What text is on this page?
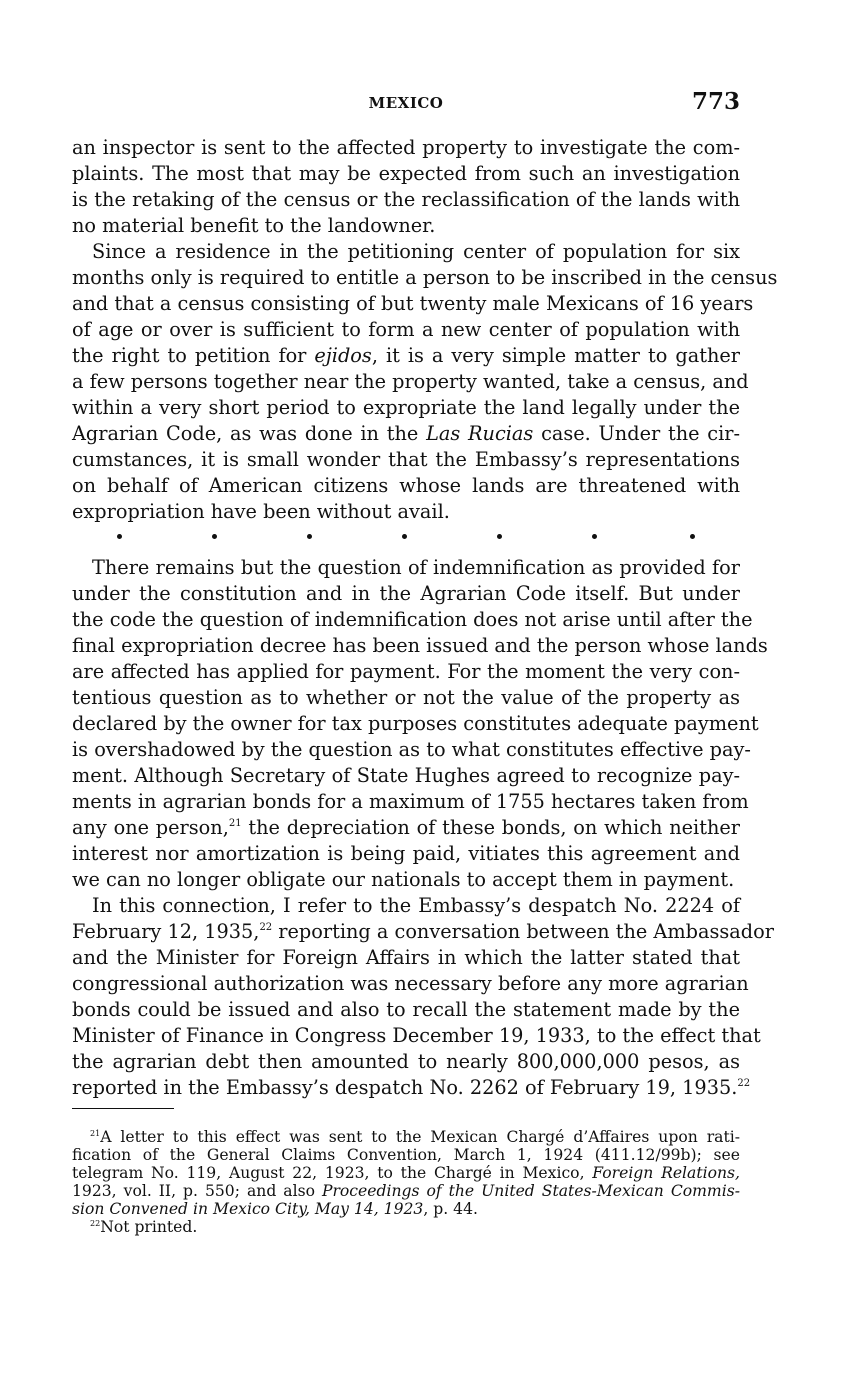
MEXICO	773
an inspector is sent to the affected property to investigate the com-
plaints. The most that may be expected from such an investigation
is the retaking of the census or the reclassification of the lands with
no material benefit to the landowner.
Since a residence in the petitioning center of population for six
months only is required to entitle a person to be inscribed in the census
and that a census consisting of but twenty male Mexicans of 16 years
of age or over is sufficient to form a new center of population with
the right to petition for ejidos, it is a very simple matter to gather
a few persons together near the property wanted, take a census, and
within a very short period to expropriate the land legally under the
Agrarian Code, as was done in the Las Rucias case. Under the cir-
cumstances, it is small wonder that the Embassy’s representations
on behalf of American citizens whose lands are threatened with
expropriation have been without avail.
There remains but the question of indemnification as provided for
under the constitution and in the Agrarian Code itself. But under
the code the question of indemnification does not arise until after the
final expropriation decree has been issued and the person whose lands
are affected has applied for payment. For the moment the very con-
tentious question as to whether or not the value of the property as
declared by the owner for tax purposes constitutes adequate payment
is overshadowed by the question as to what constitutes effective pay-
ment. Although Secretary of State Hughes agreed to recognize pay-
ments in agrarian bonds for a maximum of 1755 hectares taken from
any one person,$^{21}$ the depreciation of these bonds, on which neither
interest nor amortization is being paid, vitiates this agreement and
we can no longer obligate our nationals to accept them in payment.
In this connection, I refer to the Embassy’s despatch No. 2224 of
February 12, 1935,22 reporting a conversation between the Ambassador
and the Minister for Foreign Affairs in which the latter stated that
congressional authorization was necessary before any more agrarian
bonds could be issued and also to recall the statement made by the
Minister of Finance in Congress December 19, 1933, to the effect that
the agrarian debt then amounted to nearly 800,000,000 pesos, as
reported in the Embassy’s despatch No. 2262 of February 19, 1935.22
$^{21}$A letter to this effect was sent to the Mexican Chargé d’Affaires upon rati-
fication of the General Claims Convention, March 1, 1924 (411.12/99b); see
telegram No. 119, August 22, 1923, to the Chargé in Mexico, Foreign Relations,
1923, vol. II, p. 550; and also Proceedings of the United States-Mexican Commis-
sion Convened in Mexico City, May 14, 1923, p. 44.
$^{22}$Not printed.
